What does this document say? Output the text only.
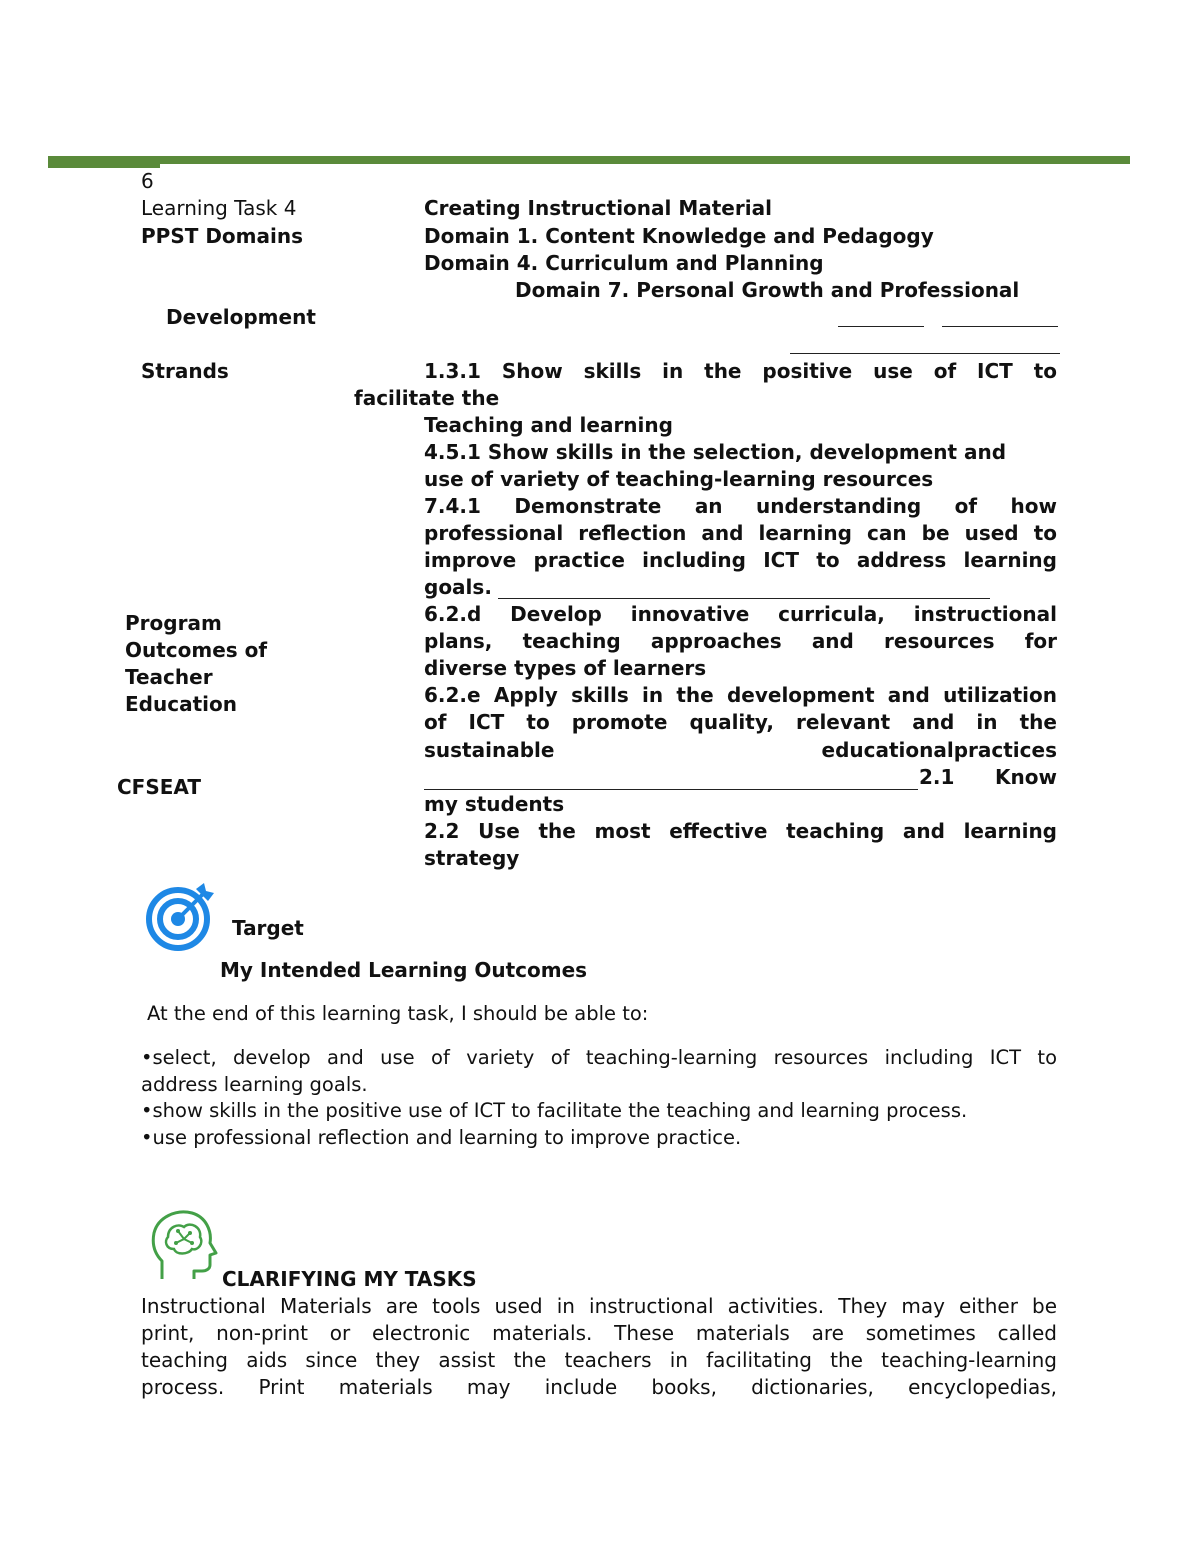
6
Learning Task 4
PPST Domains
Development
Strands
Program
Outcomes of
Teacher
Education
CFSEAT
Creating Instructional Material
Domain 1. Content Knowledge and Pedagogy
Domain 4. Curriculum and Planning
Domain 7. Personal Growth and Professional
1.3.1 Show skills in the positive use of ICT to
facilitate the
Teaching and learning
4.5.1 Show skills in the selection, development and
use of variety of teaching-learning resources
7.4.1 Demonstrate an understanding of how
professional reflection and learning can be used to
improve practice including ICT to address learning
goals.
6.2.d Develop innovative curricula, instructional
plans, teaching approaches and resources for
diverse types of learners
6.2.e Apply skills in the development and utilization
of ICT to promote quality, relevant and in the
sustainable	educationalpractices
2.1 Know
my students
2.2 Use the most effective teaching and learning
strategy
Target
My Intended Learning Outcomes
At the end of this learning task, I should be able to:
•select, develop and use of variety of teaching-learning resources including ICT to
address learning goals.
•show skills in the positive use of ICT to facilitate the teaching and learning process.
•use professional reflection and learning to improve practice.
CLARIFYING MY TASKS
Instructional Materials are tools used in instructional activities. They may either be
print, non-print or electronic materials. These materials are sometimes called
teaching aids since they assist the teachers in facilitating the teaching-learning
process. Print materials may include books, dictionaries, encyclopedias,
